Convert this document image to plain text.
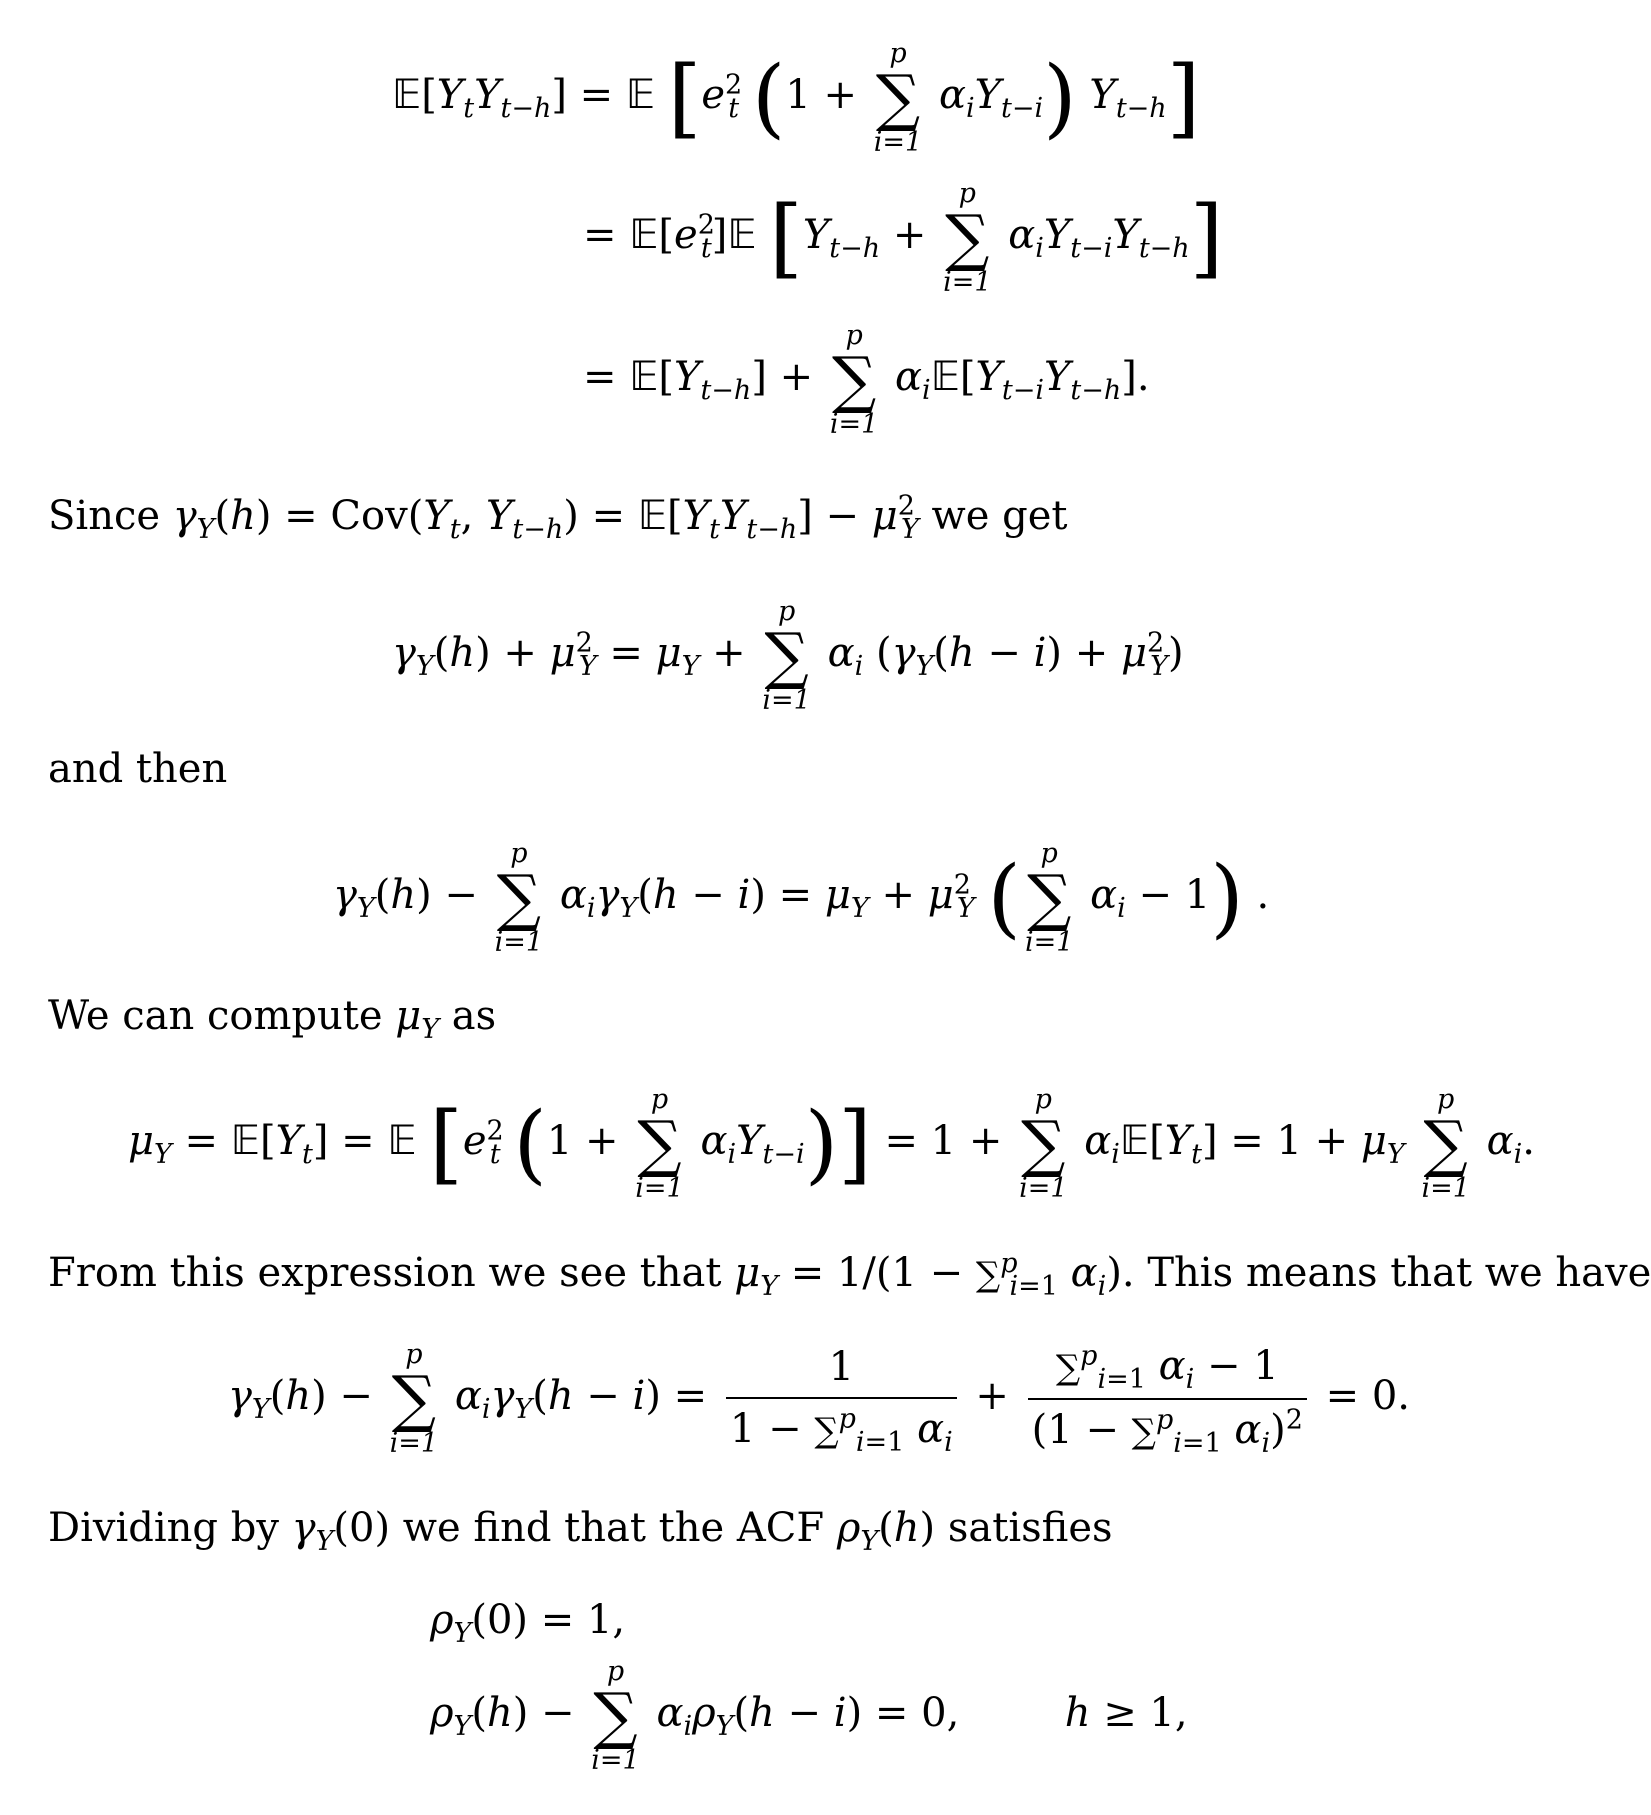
$𝔼[Y_tY_{t-h}]$ = 𝔼 [$e^2_t$ (1 +
p
∑
i=1
$\alpha_iY_{t-i}$) $Y_{t-h}$]
= $𝔼[e^2_t]𝔼$ [$Y_{t-h}$ +
p
∑
i=1
$\alpha_iY_{t-i}Y_{t-h}$]
= $𝔼[Y_{t-h}]$ +
p
∑
i=1
$\alpha_i𝔼[Y_{t-i}Y_{t-h}]$.
Since $\gamma_Y(h) = Cov(Y_t$, $Y_{t-h}$) = $𝔼[Y_tY_{t-h}] - \mu^2_Y$ we get
$\gamma_Y(h) + \mu^2_Y = \mu_Y$ +
p
∑
i=1
$\alpha_i$ $(\gamma_Y(h - i) + \mu^2_Y)$
and then
$\gamma_Y(h)$ −
p
∑
i=1
$\alpha_i\gamma_Y(h - i) = \mu_Y + \mu^2_Y$ ( p
∑
i=1
$\alpha_i - 1$) .
We can compute $\mu_Y$ as
$\mu_Y$ = $𝔼[Y_t]$ = 𝔼 [$e^2_t$ (1 +
p
∑
i=1
$\alpha_iY_{t-i})] = 1$ +
p
∑
i=1
$\alpha_i𝔼[Y_t] = 1 + \mu_Y$
p
∑
i=1
$\alpha_i$.
From this expression we see that $\mu_Y = 1/(1 - \sum^p_{i=1}$ $\alpha_i$). This means that we have
$\gamma_Y(h)$ −
p
∑
i=1
$\alpha_i\gamma_Y(h - i) = \frac{1}{1 - \sum^p_{i=1} \alpha_i} + \frac{\sum^p_{i=1} \alpha_i - 1}{(1 - \sum^p_{i=1} \alpha_i)^2} = 0$.
Dividing by $\gamma_Y(0)$ we find that the ACF $\rho_Y(h)$ satisfies
$\rho_Y(0) = 1$,
$\rho_Y(h)$ −
p
∑
i=1
$\alpha_i\rho_Y(h - i) = 0$,  h ≥ 1,
